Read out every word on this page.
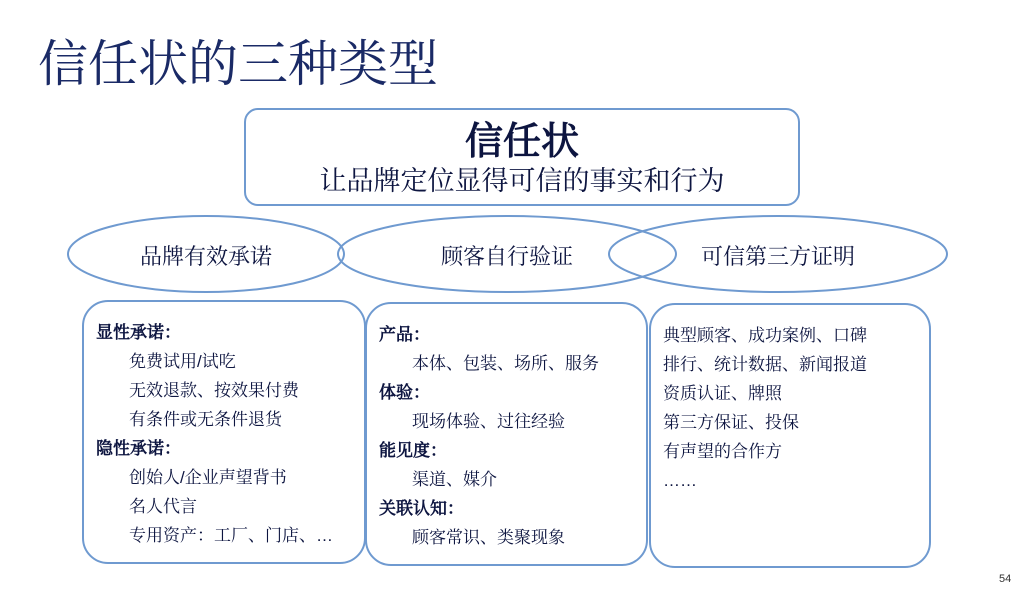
信任状的三种类型
信任状
让品牌定位显得可信的事实和行为
品牌有效承诺	顾客自行验证	可信第三方证明
显性承诺：
免费试用/试吃
无效退款、按效果付费
有条件或无条件退货
隐性承诺：
创始人/企业声望背书
名人代言
专用资产：工厂、门店、…
产品：
本体、包装、场所、服务
体验：
现场体验、过往经验
能见度：
渠道、媒介
关联认知：
顾客常识、类聚现象
典型顾客、成功案例、口碑
排行、统计数据、新闻报道
资质认证、牌照
第三方保证、投保
有声望的合作方
……
54
